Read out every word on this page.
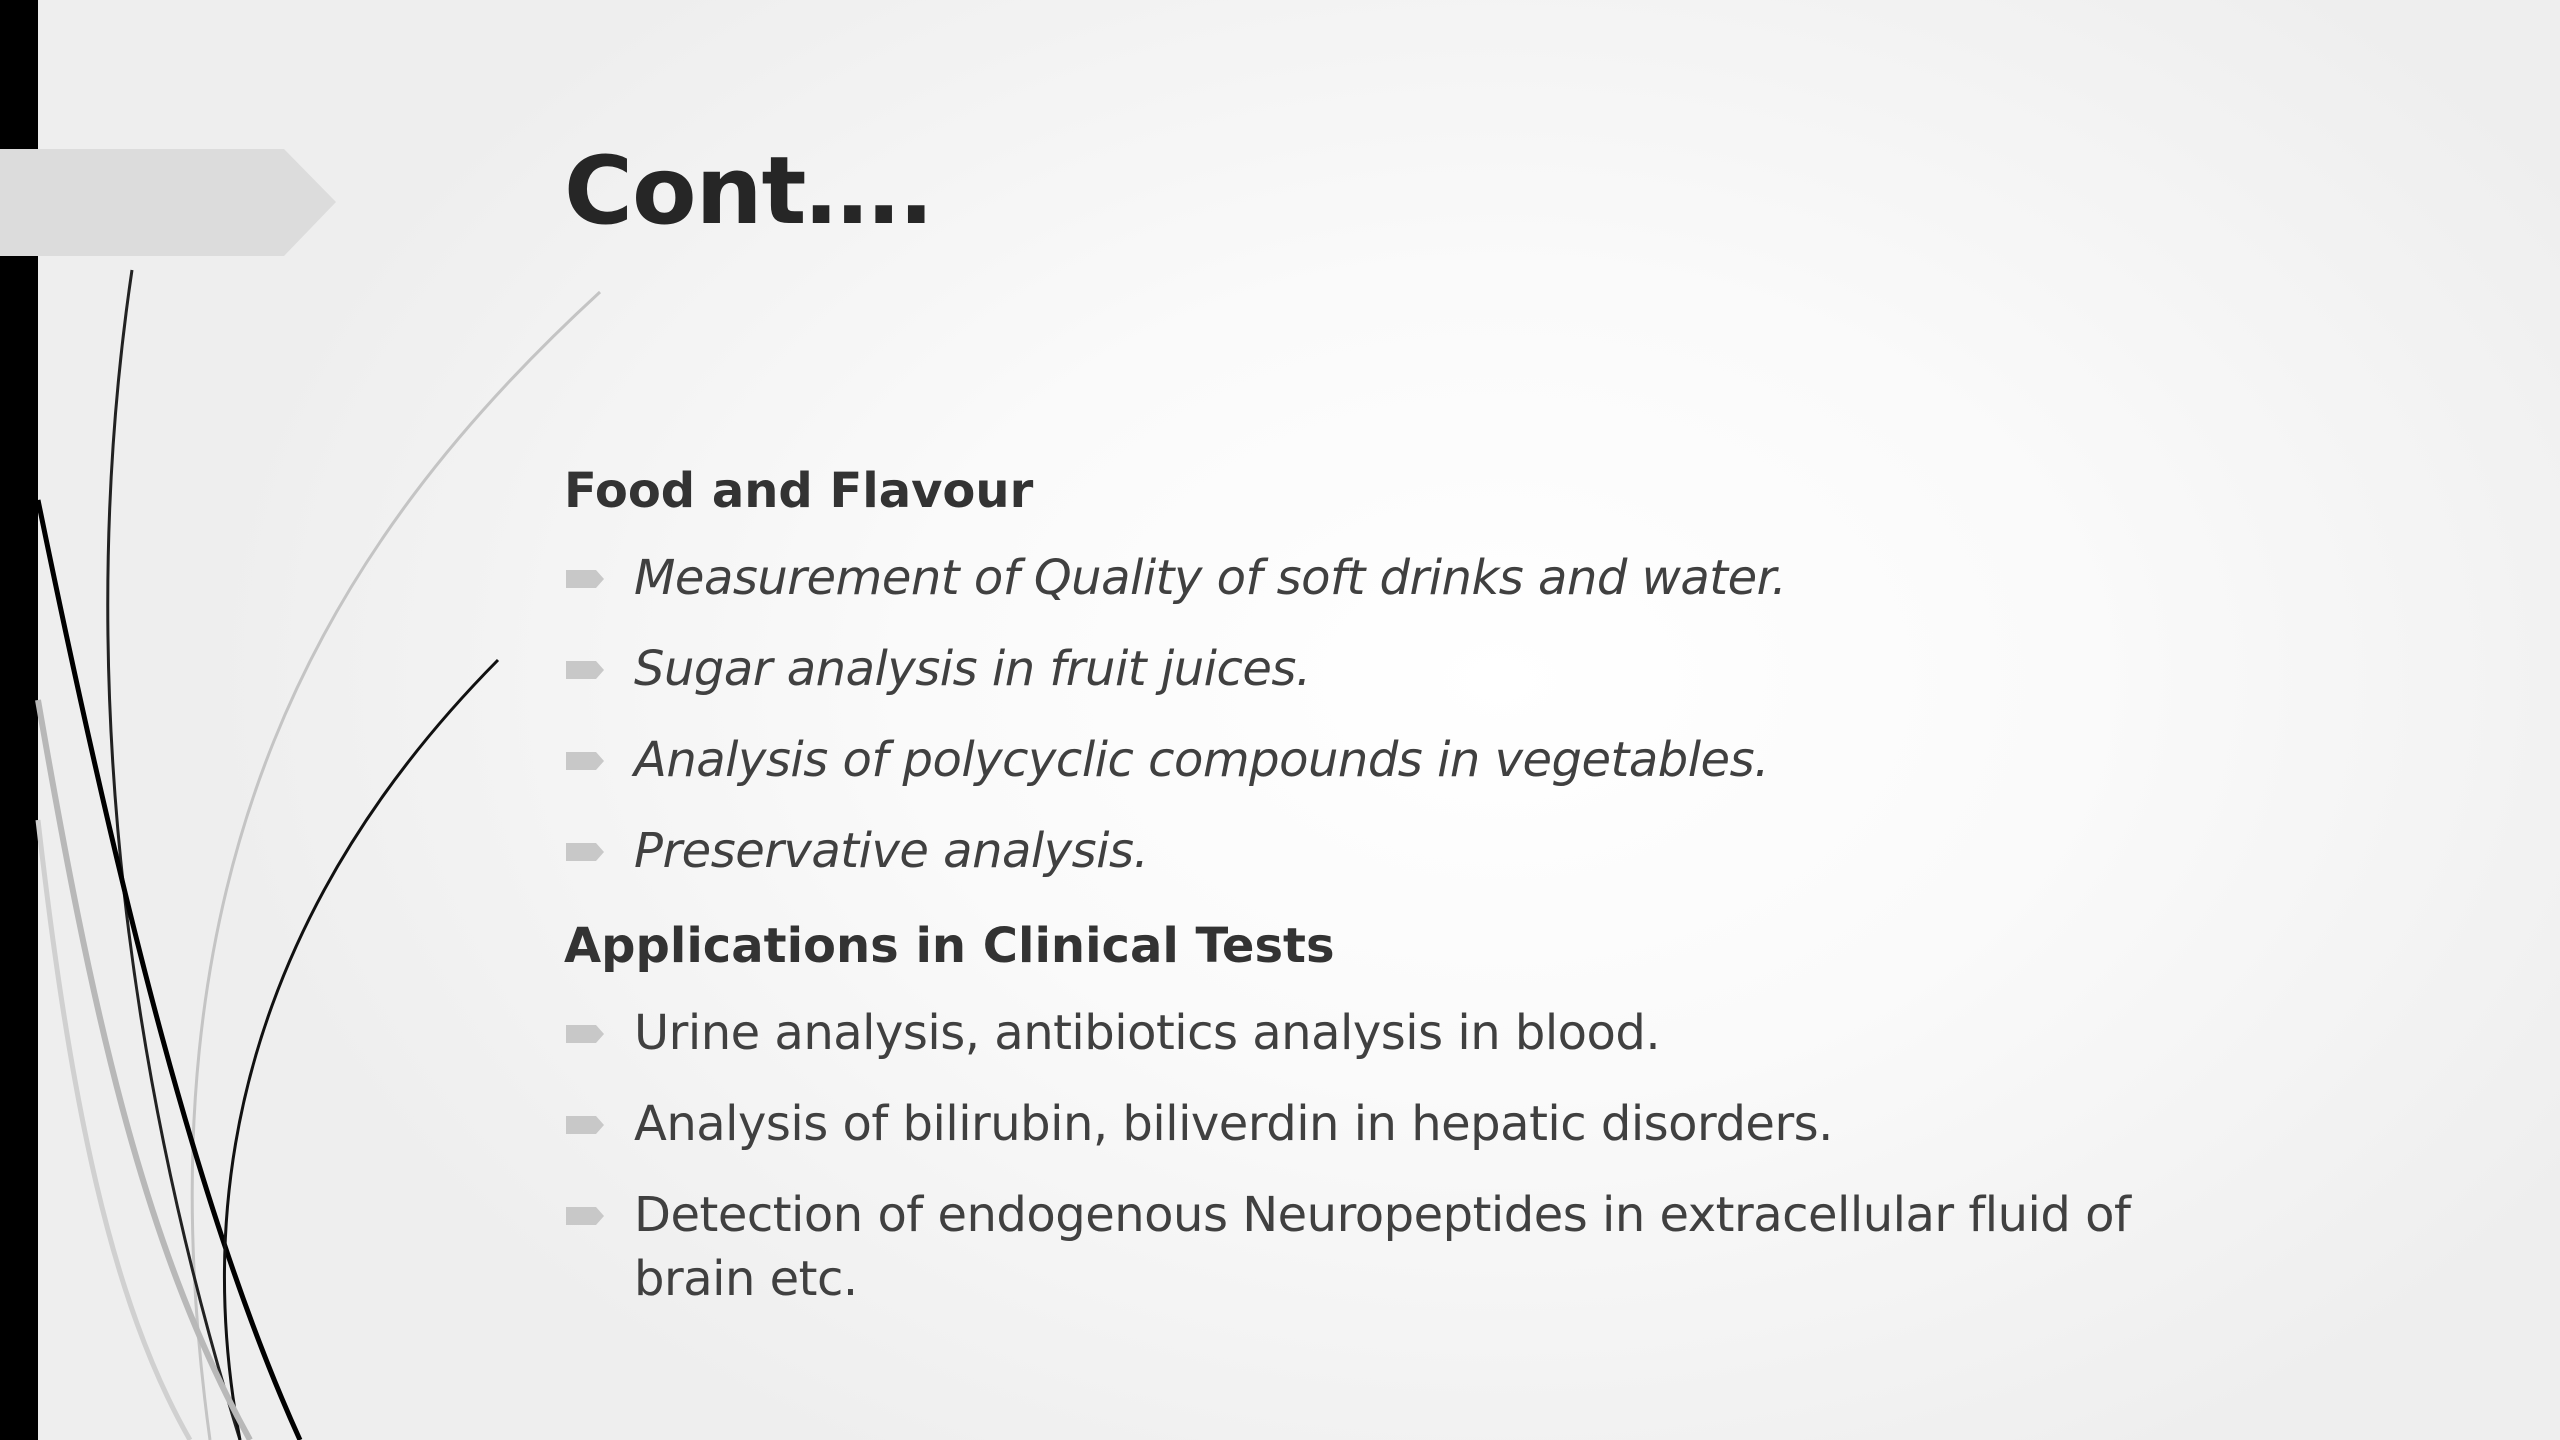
Cont….
Food and Flavour
Measurement of Quality of soft drinks and water.
Sugar analysis in fruit juices.
Analysis of polycyclic compounds in vegetables.
Preservative analysis.
Applications in Clinical Tests
Urine analysis, antibiotics analysis in blood.
Analysis of bilirubin, biliverdin in hepatic disorders.
Detection of endogenous Neuropeptides in extracellular fluid of brain etc.
